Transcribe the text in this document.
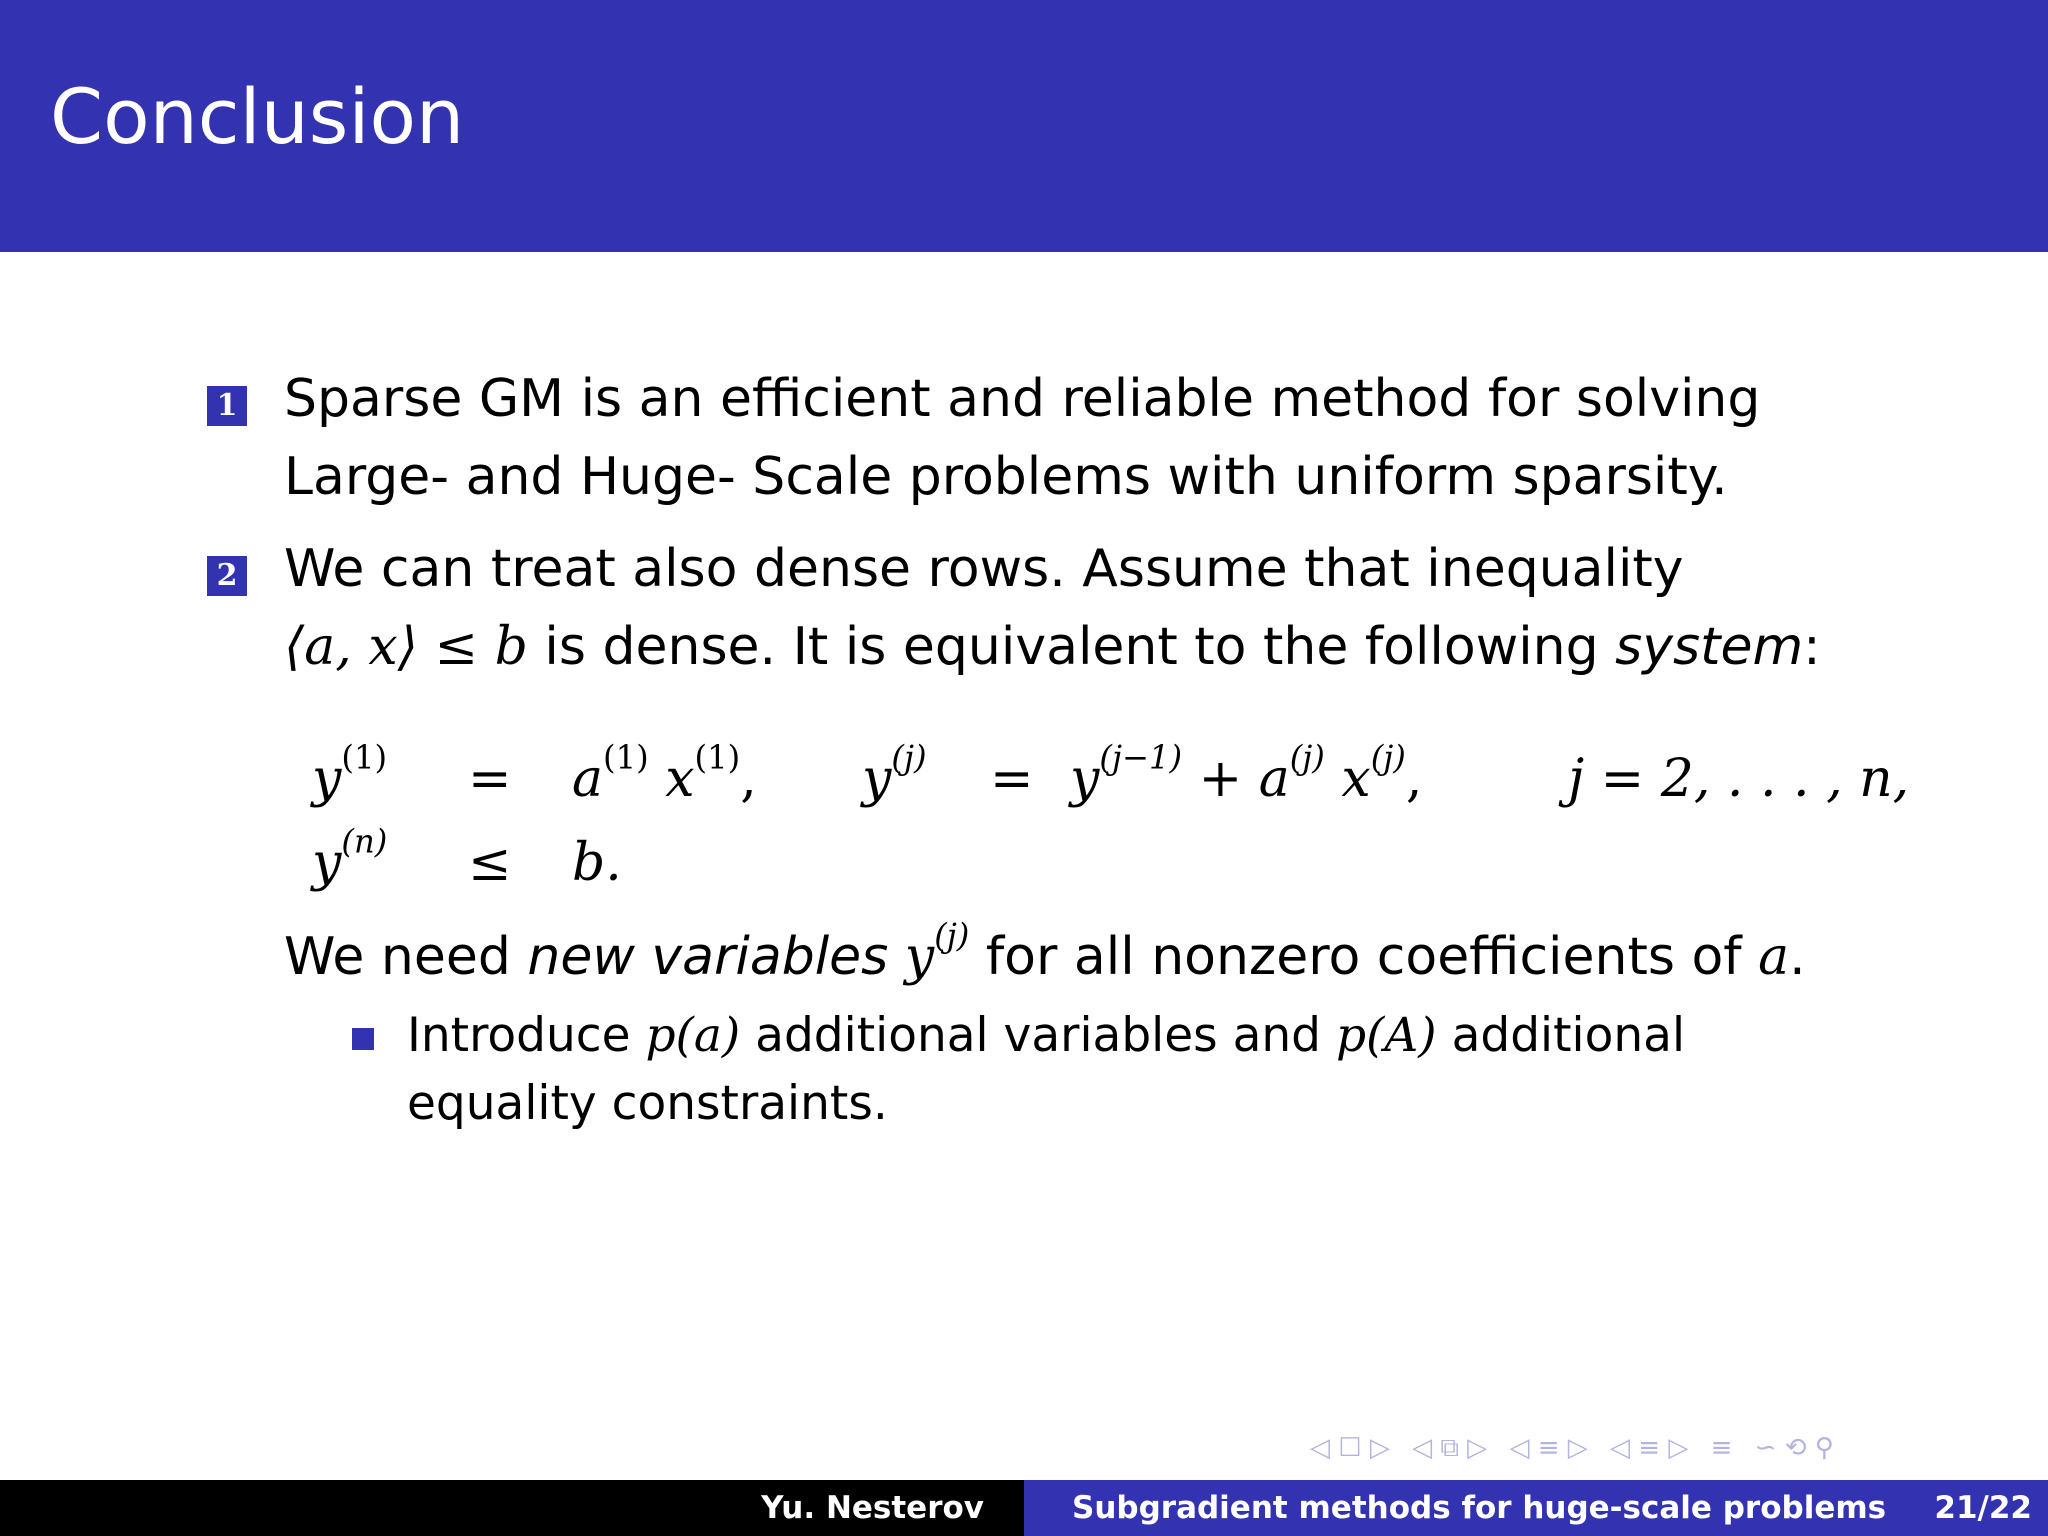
Conclusion
1 Sparse GM is an efficient and reliable method for solving
Large- and Huge- Scale problems with uniform sparsity.
2 We can treat also dense rows. Assume that inequality
⟨a, x⟩ ≤ b is dense. It is equivalent to the following system:
$y^{(1)} = a^{(1)}$ $x^{(1)}$, $y^{(j)} = y^{(j-1)} + a^{(j)}$ $x^{(j)}$,	j = 2, . . . , n,
$y^{(n)} \le b$.
We need new variables $y^{(j)}$ for all nonzero coefficients of a.
Introduce p(a) additional variables and p(A) additional
equality constraints.
◁ ☐ ▷ ◁ ⧉ ▷ ◁ ≡ ▷ ◁ ≡ ▷ ≡ ∽ ⟲ ⚲
Yu. Nesterov	Subgradient methods for huge-scale problems 21/22
